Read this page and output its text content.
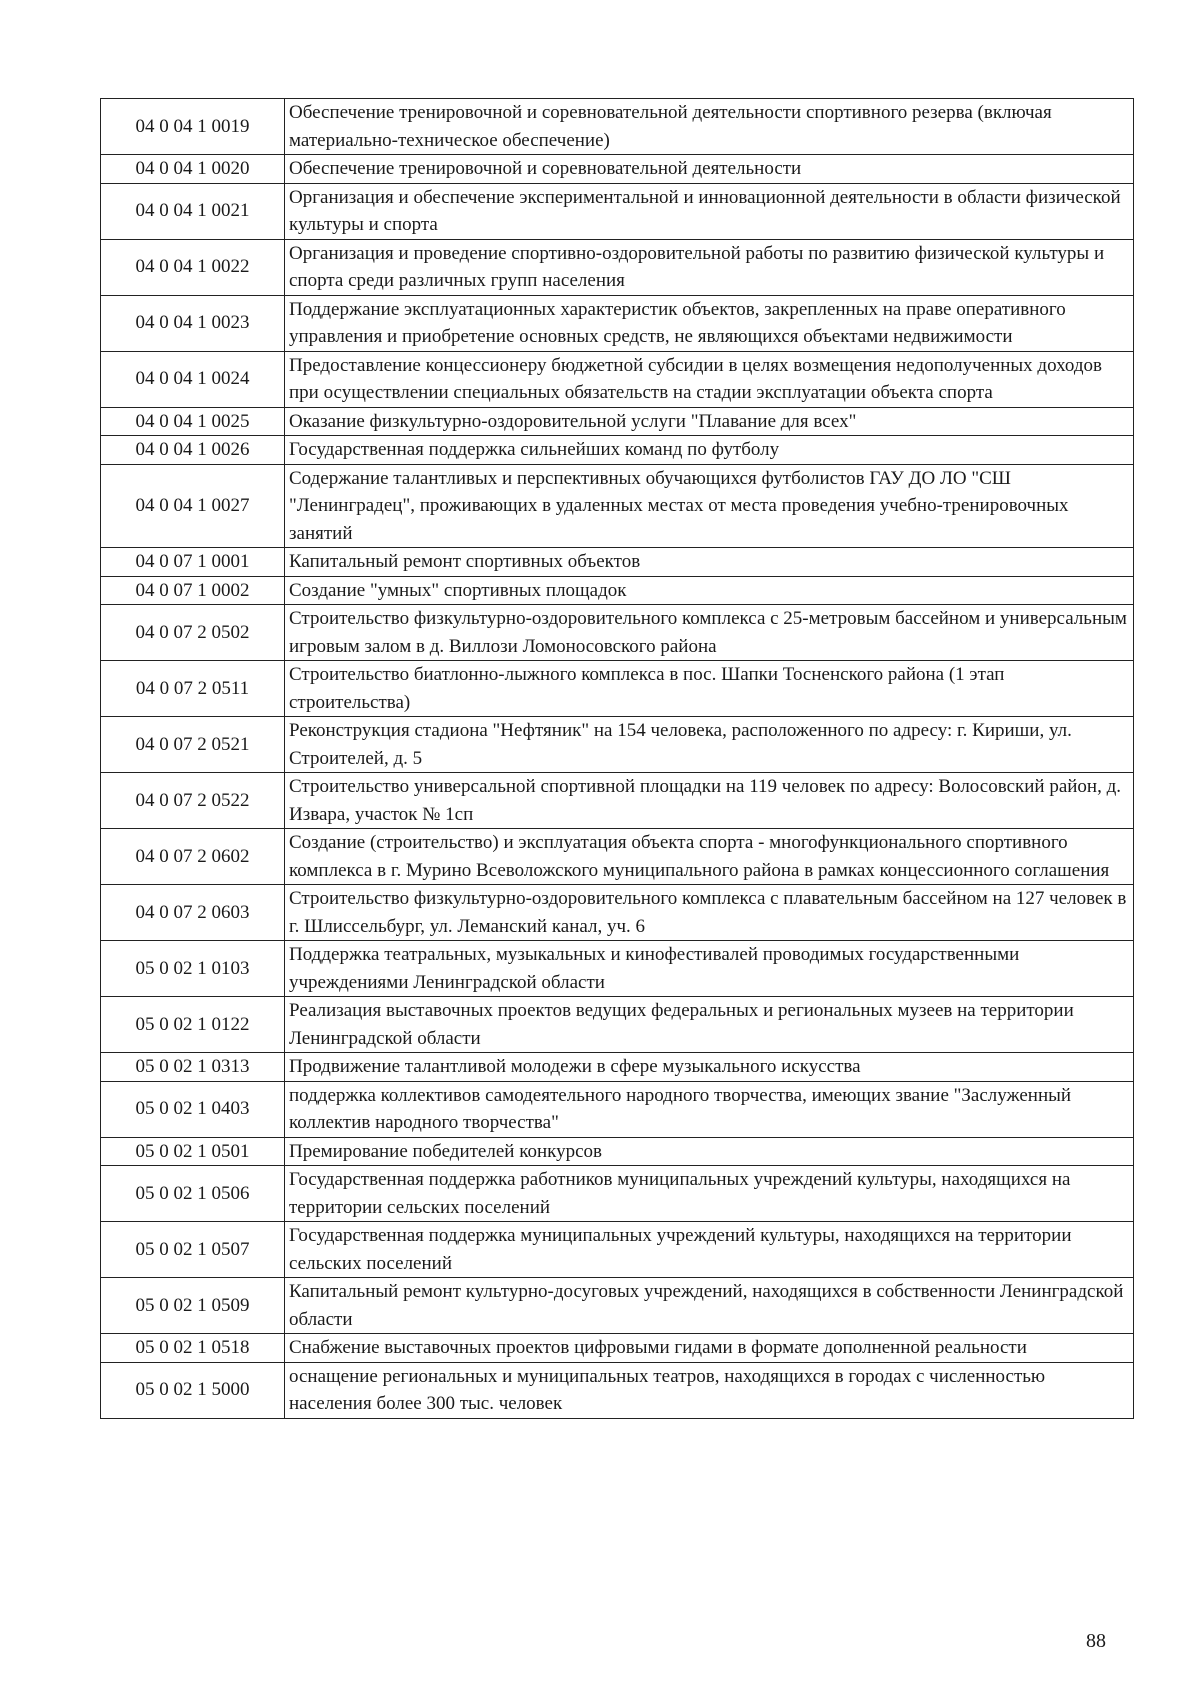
04 0 04 1 0019	Обеспечение тренировочной и соревновательной деятельности спортивного резерва (включая материально-техническое обеспечение)
04 0 04 1 0020	Обеспечение тренировочной и соревновательной деятельности
04 0 04 1 0021	Организация и обеспечение экспериментальной и инновационной деятельности в области физической культуры и спорта
04 0 04 1 0022	Организация и проведение спортивно-оздоровительной работы по развитию физической культуры и спорта среди различных групп населения
04 0 04 1 0023	Поддержание эксплуатационных характеристик объектов, закрепленных на праве оперативного управления и приобретение основных средств, не являющихся объектами недвижимости
04 0 04 1 0024	Предоставление концессионеру бюджетной субсидии в целях возмещения недополученных доходов при осуществлении специальных обязательств на стадии эксплуатации объекта спорта
04 0 04 1 0025	Оказание физкультурно-оздоровительной услуги "Плавание для всех"
04 0 04 1 0026	Государственная поддержка сильнейших команд по футболу
04 0 04 1 0027	Содержание талантливых и перспективных обучающихся футболистов ГАУ ДО ЛО "СШ "Ленинградец", проживающих в удаленных местах от места проведения учебно-тренировочных занятий
04 0 07 1 0001	Капитальный ремонт спортивных объектов
04 0 07 1 0002	Создание "умных" спортивных площадок
04 0 07 2 0502	Строительство физкультурно-оздоровительного комплекса с 25-метровым бассейном и универсальным игровым залом в д. Виллози Ломоносовского района
04 0 07 2 0511	Строительство биатлонно-лыжного комплекса в пос. Шапки Тосненского района (1 этап строительства)
04 0 07 2 0521	Реконструкция стадиона "Нефтяник" на 154 человека, расположенного по адресу: г. Кириши, ул. Строителей, д. 5
04 0 07 2 0522	Строительство универсальной спортивной площадки на 119 человек по адресу: Волосовский район, д. Извара, участок № 1сп
04 0 07 2 0602	Создание (строительство) и эксплуатация объекта спорта - многофункционального спортивного комплекса в г. Мурино Всеволожского муниципального района в рамках концессионного соглашения
04 0 07 2 0603	Строительство физкультурно-оздоровительного комплекса с плавательным бассейном на 127 человек в г. Шлиссельбург, ул. Леманский канал, уч. 6
05 0 02 1 0103	Поддержка театральных, музыкальных и кинофестивалей проводимых государственными учреждениями Ленинградской области
05 0 02 1 0122	Реализация выставочных проектов ведущих федеральных и региональных музеев на территории Ленинградской области
05 0 02 1 0313	Продвижение талантливой молодежи в сфере музыкального искусства
05 0 02 1 0403	поддержка коллективов самодеятельного народного творчества, имеющих звание "Заслуженный коллектив народного творчества"
05 0 02 1 0501	Премирование победителей конкурсов
05 0 02 1 0506	Государственная поддержка работников муниципальных учреждений культуры, находящихся на территории сельских поселений
05 0 02 1 0507	Государственная поддержка муниципальных учреждений культуры, находящихся на территории сельских поселений
05 0 02 1 0509	Капитальный ремонт культурно-досуговых учреждений, находящихся в собственности Ленинградской области
05 0 02 1 0518	Снабжение выставочных проектов цифровыми гидами в формате дополненной реальности
05 0 02 1 5000	оснащение региональных и муниципальных театров, находящихся в городах с численностью населения более 300 тыс. человек
88
